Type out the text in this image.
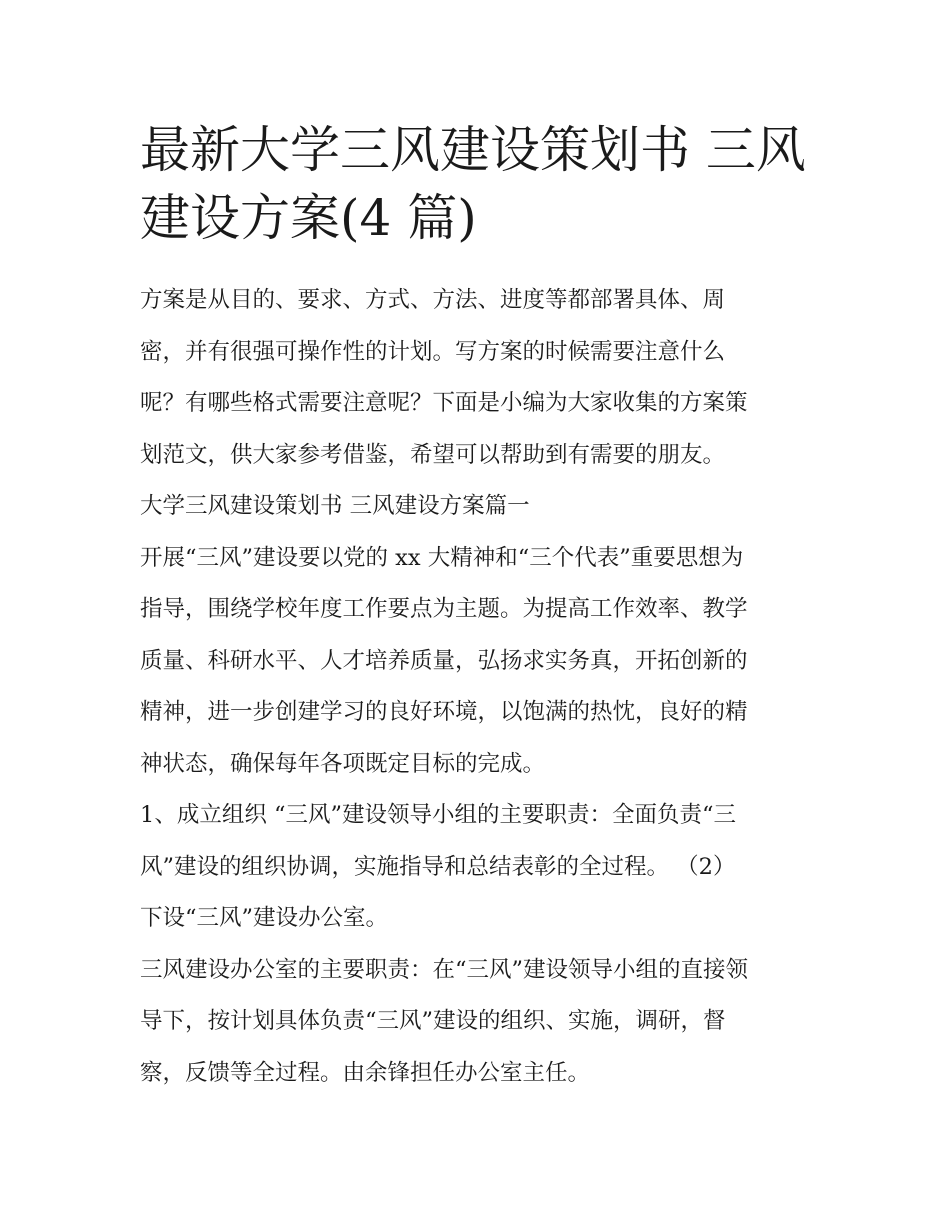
最新大学三风建设策划书 三风
建设方案(4 篇)
方案是从目的、要求、方式、方法、进度等都部署具体、周
密，并有很强可操作性的计划。写方案的时候需要注意什么
呢？有哪些格式需要注意呢？下面是小编为大家收集的方案策
划范文，供大家参考借鉴，希望可以帮助到有需要的朋友。
大学三风建设策划书 三风建设方案篇一
开展“三风”建设要以党的 xx 大精神和“三个代表”重要思想为
指导，围绕学校年度工作要点为主题。为提高工作效率、教学
质量、科研水平、人才培养质量，弘扬求实务真，开拓创新的
精神，进一步创建学习的良好环境，以饱满的热忱，良好的精
神状态，确保每年各项既定目标的完成。
1、成立组织 “三风”建设领导小组的主要职责：全面负责“三
风”建设的组织协调，实施指导和总结表彰的全过程。 （2）
下设“三风”建设办公室。
三风建设办公室的主要职责：在“三风”建设领导小组的直接领
导下，按计划具体负责“三风”建设的组织、实施，调研，督
察，反馈等全过程。由余锋担任办公室主任。
